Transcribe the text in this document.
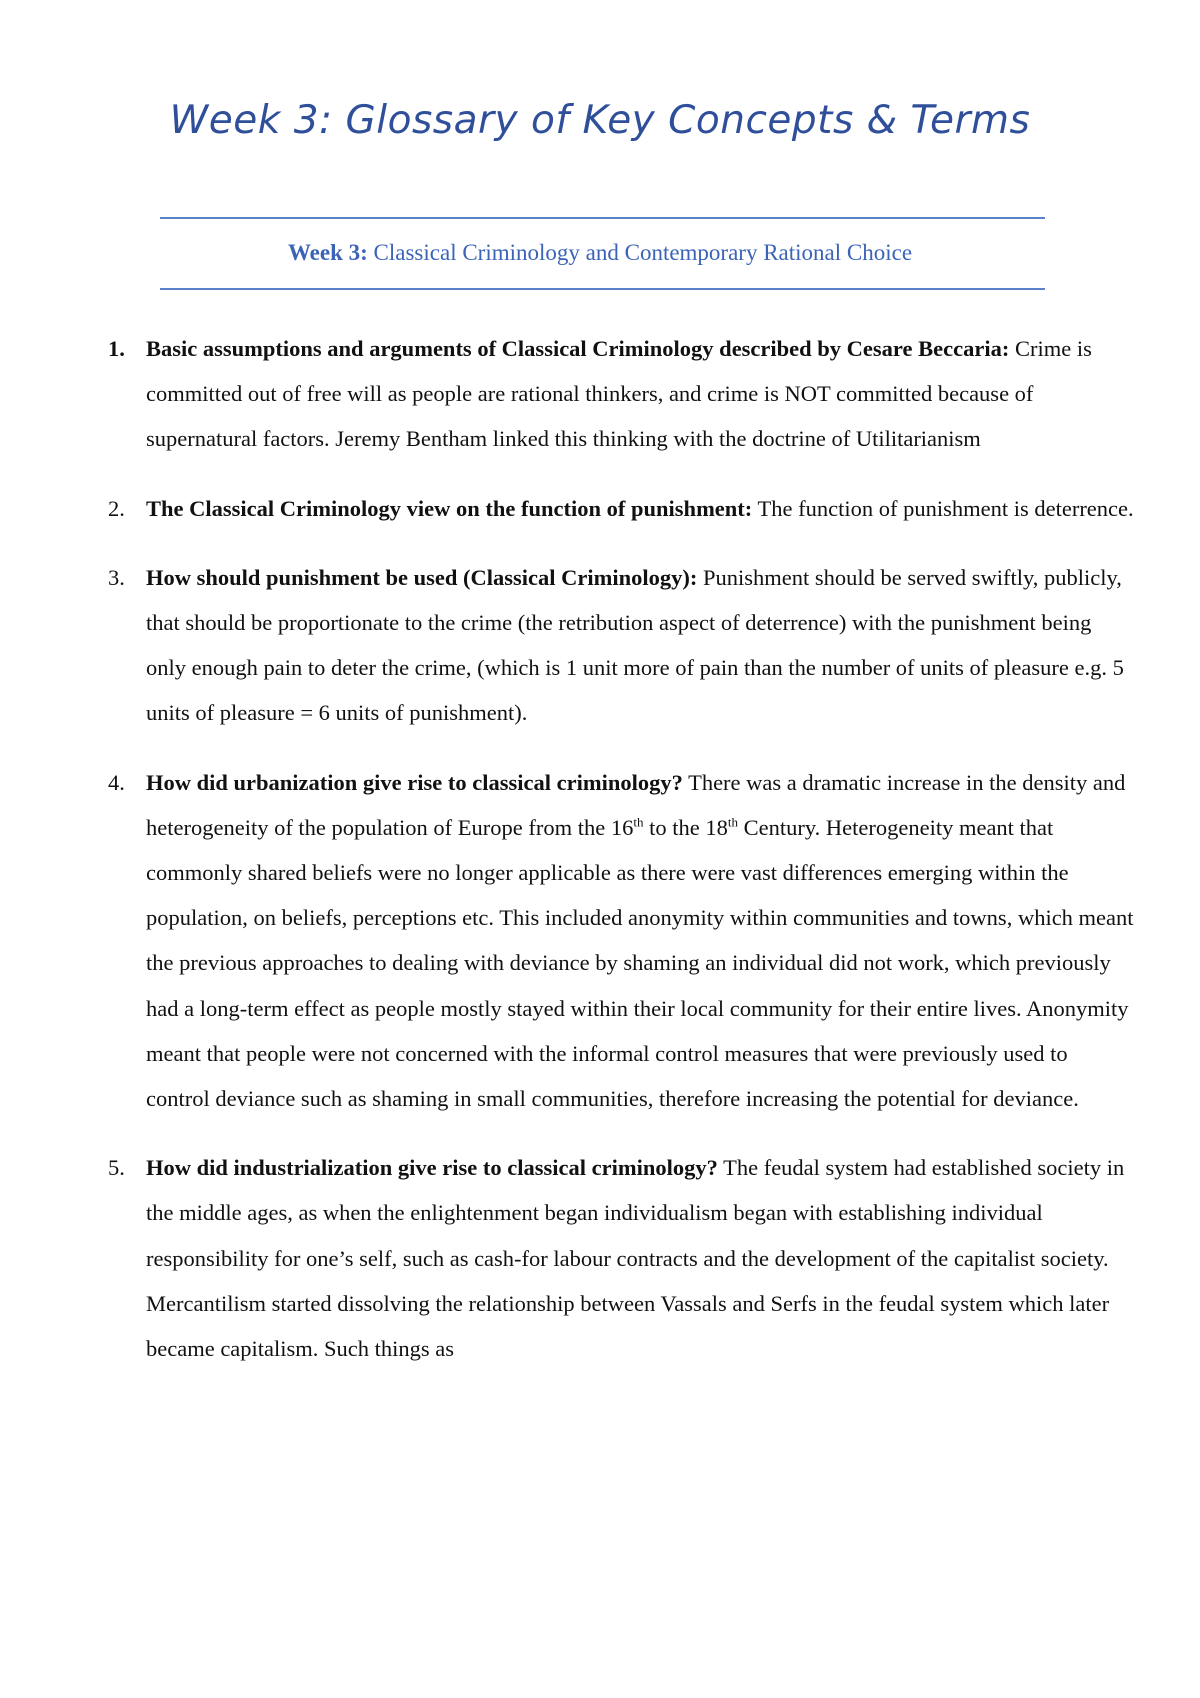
Week 3: Glossary of Key Concepts & Terms
Week 3: Classical Criminology and Contemporary Rational Choice
1. Basic assumptions and arguments of Classical Criminology described by Cesare Beccaria: Crime is committed out of free will as people are rational thinkers, and crime is NOT committed because of supernatural factors. Jeremy Bentham linked this thinking with the doctrine of Utilitarianism
2. The Classical Criminology view on the function of punishment: The function of punishment is deterrence.
3. How should punishment be used (Classical Criminology): Punishment should be served swiftly, publicly, that should be proportionate to the crime (the retribution aspect of deterrence) with the punishment being only enough pain to deter the crime, (which is 1 unit more of pain than the number of units of pleasure e.g. 5 units of pleasure = 6 units of punishment).
4. How did urbanization give rise to classical criminology? There was a dramatic increase in the density and heterogeneity of the population of Europe from the 16th to the 18th Century. Heterogeneity meant that commonly shared beliefs were no longer applicable as there were vast differences emerging within the population, on beliefs, perceptions etc. This included anonymity within communities and towns, which meant the previous approaches to dealing with deviance by shaming an individual did not work, which previously had a long-term effect as people mostly stayed within their local community for their entire lives. Anonymity meant that people were not concerned with the informal control measures that were previously used to control deviance such as shaming in small communities, therefore increasing the potential for deviance.
5. How did industrialization give rise to classical criminology? The feudal system had established society in the middle ages, as when the enlightenment began individualism began with establishing individual responsibility for one’s self, such as cash-for labour contracts and the development of the capitalist society. Mercantilism started dissolving the relationship between Vassals and Serfs in the feudal system which later became capitalism. Such things as
